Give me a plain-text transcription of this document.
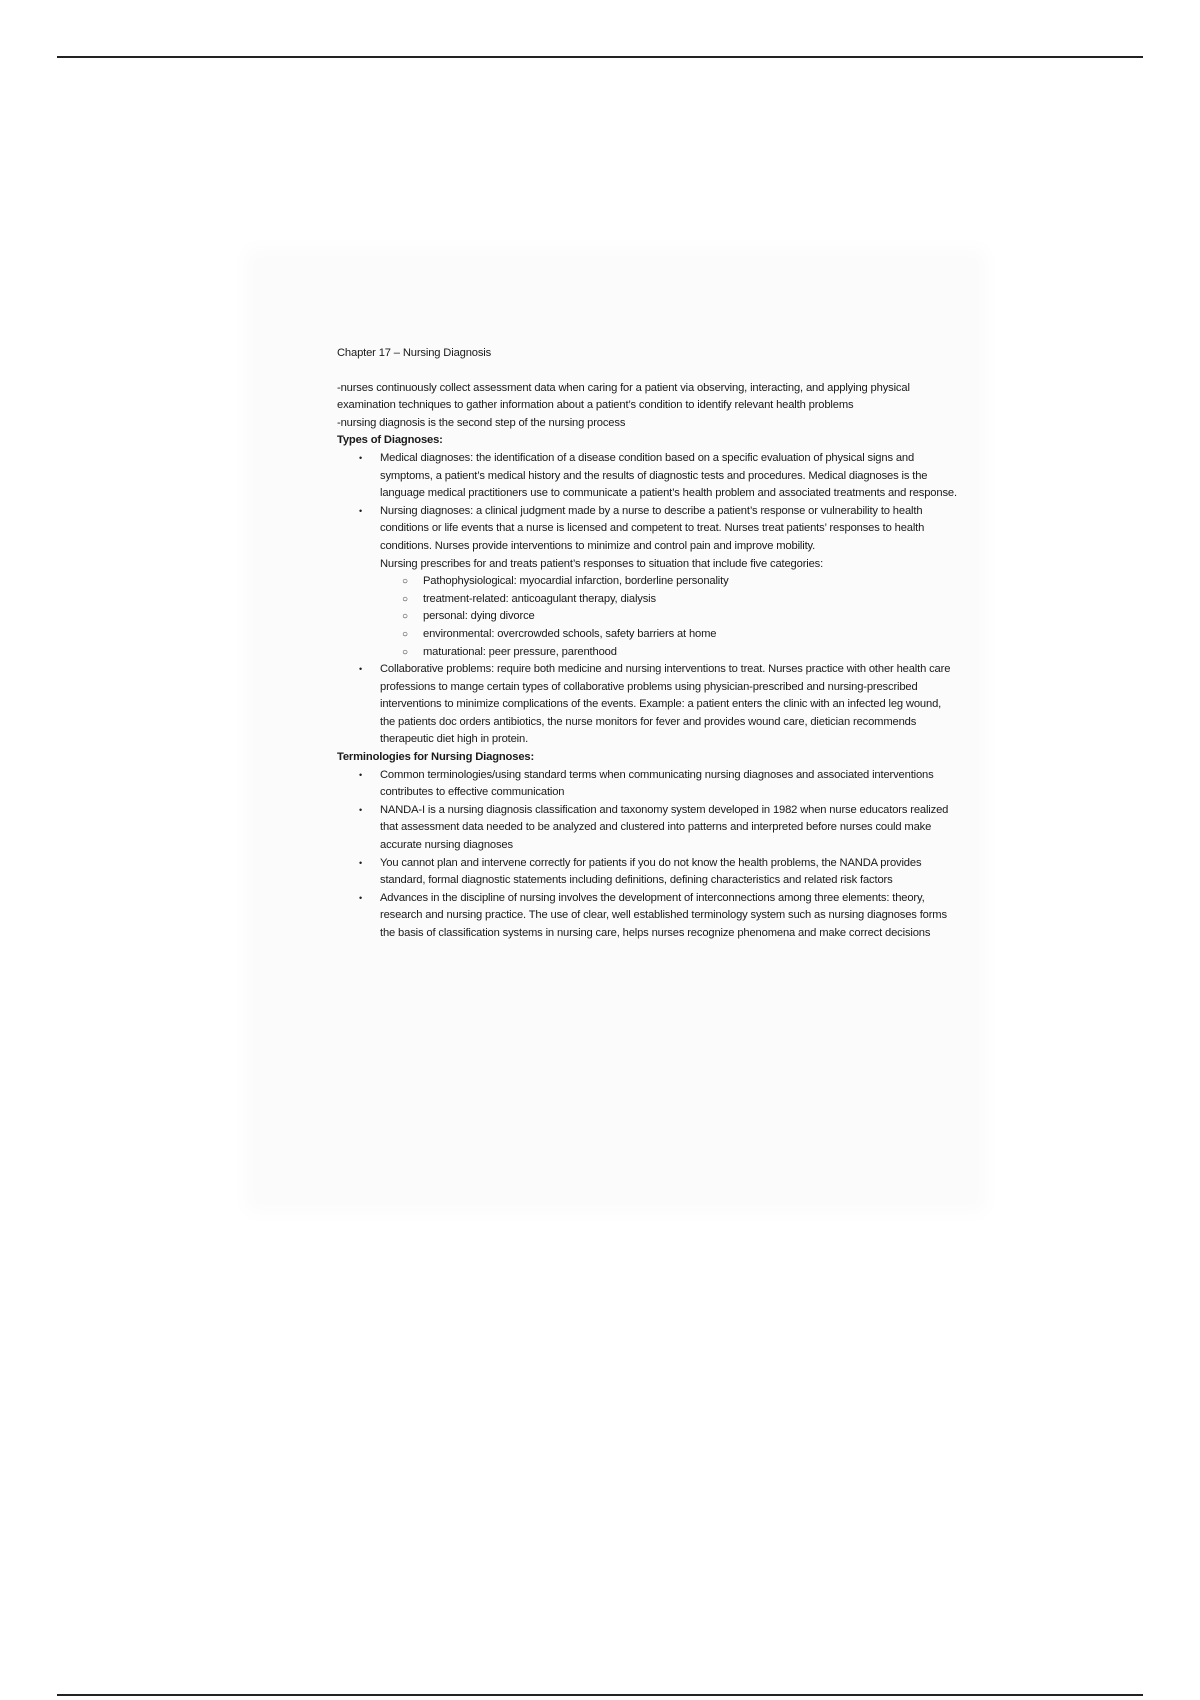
Chapter 17 – Nursing Diagnosis

-nurses continuously collect assessment data when caring for a patient via observing, interacting, and applying physical examination techniques to gather information about a patient’s condition to identify relevant health problems

-nursing diagnosis is the second step of the nursing process

Types of Diagnoses:

• Medical diagnoses: the identification of a disease condition based on a specific evaluation of physical signs and symptoms, a patient’s medical history and the results of diagnostic tests and procedures. Medical diagnoses is the language medical practitioners use to communicate a patient’s health problem and associated treatments and response.
• Nursing diagnoses: a clinical judgment made by a nurse to describe a patient’s response or vulnerability to health conditions or life events that a nurse is licensed and competent to treat. Nurses treat patients’ responses to health conditions. Nurses provide interventions to minimize and control pain and improve mobility.

Nursing prescribes for and treats patient’s responses to situation that include five categories:

○ Pathophysiological: myocardial infarction, borderline personality
○ treatment-related: anticoagulant therapy, dialysis
○ personal: dying divorce
○ environmental: overcrowded schools, safety barriers at home
○ maturational: peer pressure, parenthood
• Collaborative problems: require both medicine and nursing interventions to treat. Nurses practice with other health care professions to mange certain types of collaborative problems using physician-prescribed and nursing-prescribed interventions to minimize complications of the events. Example: a patient enters the clinic with an infected leg wound, the patients doc orders antibiotics, the nurse monitors for fever and provides wound care, dietician recommends therapeutic diet high in protein.

Terminologies for Nursing Diagnoses:

• Common terminologies/using standard terms when communicating nursing diagnoses and associated interventions contributes to effective communication
• NANDA-I is a nursing diagnosis classification and taxonomy system developed in 1982 when nurse educators realized that assessment data needed to be analyzed and clustered into patterns and interpreted before nurses could make accurate nursing diagnoses
• You cannot plan and intervene correctly for patients if you do not know the health problems, the NANDA provides standard, formal diagnostic statements including definitions, defining characteristics and related risk factors
• Advances in the discipline of nursing involves the development of interconnections among three elements: theory, research and nursing practice. The use of clear, well established terminology system such as nursing diagnoses forms the basis of classification systems in nursing care, helps nurses recognize phenomena and make correct decisions
